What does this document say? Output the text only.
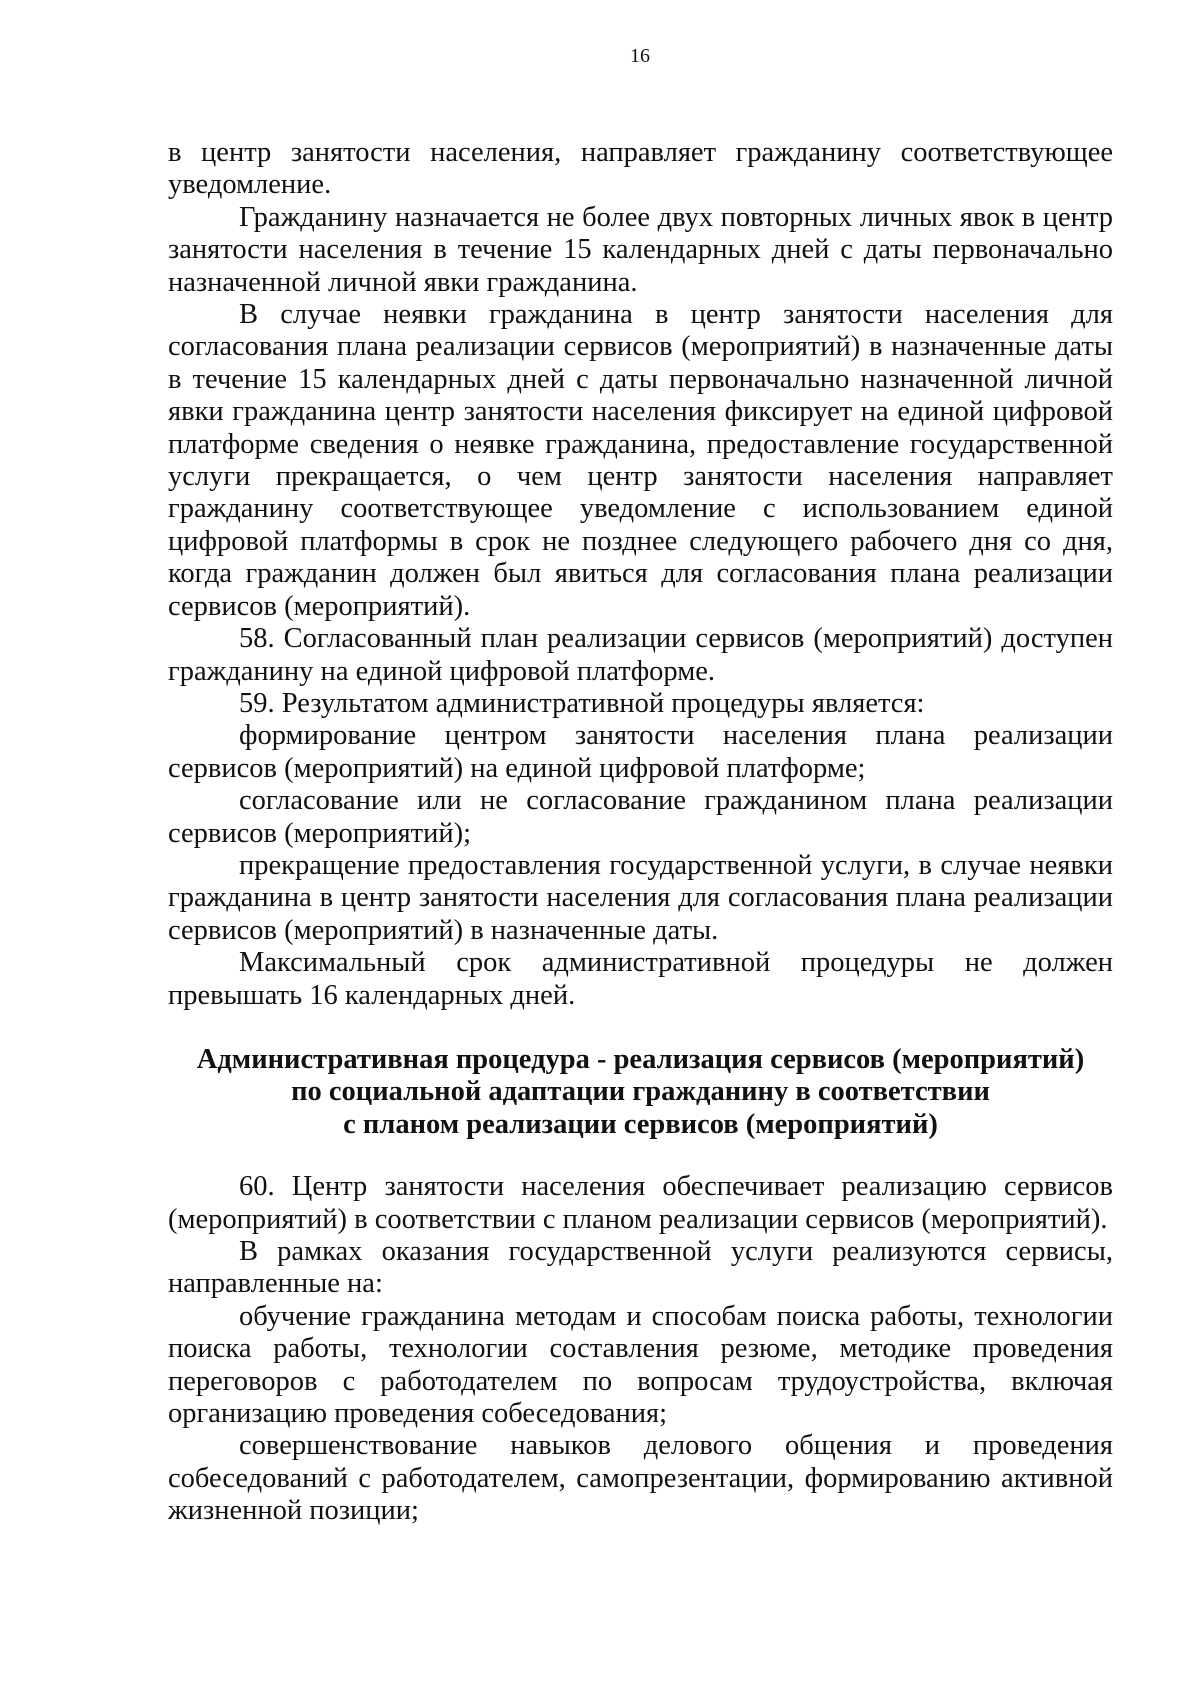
16

в центр занятости населения, направляет гражданину соответствующее уведомление.

Гражданину назначается не более двух повторных личных явок в центр занятости населения в течение 15 календарных дней с даты первоначально назначенной личной явки гражданина.

В случае неявки гражданина в центр занятости населения для согласования плана реализации сервисов (мероприятий) в назначенные даты в течение 15 календарных дней с даты первоначально назначенной личной явки гражданина центр занятости населения фиксирует на единой цифровой платформе сведения о неявке гражданина, предоставление государственной услуги прекращается, о чем центр занятости населения направляет гражданину соответствующее уведомление с использованием единой цифровой платформы в срок не позднее следующего рабочего дня со дня, когда гражданин должен был явиться для согласования плана реализации сервисов (мероприятий).

58. Согласованный план реализации сервисов (мероприятий) доступен гражданину на единой цифровой платформе.

59. Результатом административной процедуры является:

формирование центром занятости населения плана реализации сервисов (мероприятий) на единой цифровой платформе;

согласование или не согласование гражданином плана реализации сервисов (мероприятий);

прекращение предоставления государственной услуги, в случае неявки гражданина в центр занятости населения для согласования плана реализации сервисов (мероприятий) в назначенные даты.

Максимальный срок административной процедуры не должен превышать 16 календарных дней.

Административная процедура - реализация сервисов (мероприятий)
по социальной адаптации гражданину в соответствии
с планом реализации сервисов (мероприятий)

60. Центр занятости населения обеспечивает реализацию сервисов (мероприятий) в соответствии с планом реализации сервисов (мероприятий).

В рамках оказания государственной услуги реализуются сервисы, направленные на:

обучение гражданина методам и способам поиска работы, технологии поиска работы, технологии составления резюме, методике проведения переговоров с работодателем по вопросам трудоустройства, включая организацию проведения собеседования;

совершенствование навыков делового общения и проведения собеседований с работодателем, самопрезентации, формированию активной жизненной позиции;
